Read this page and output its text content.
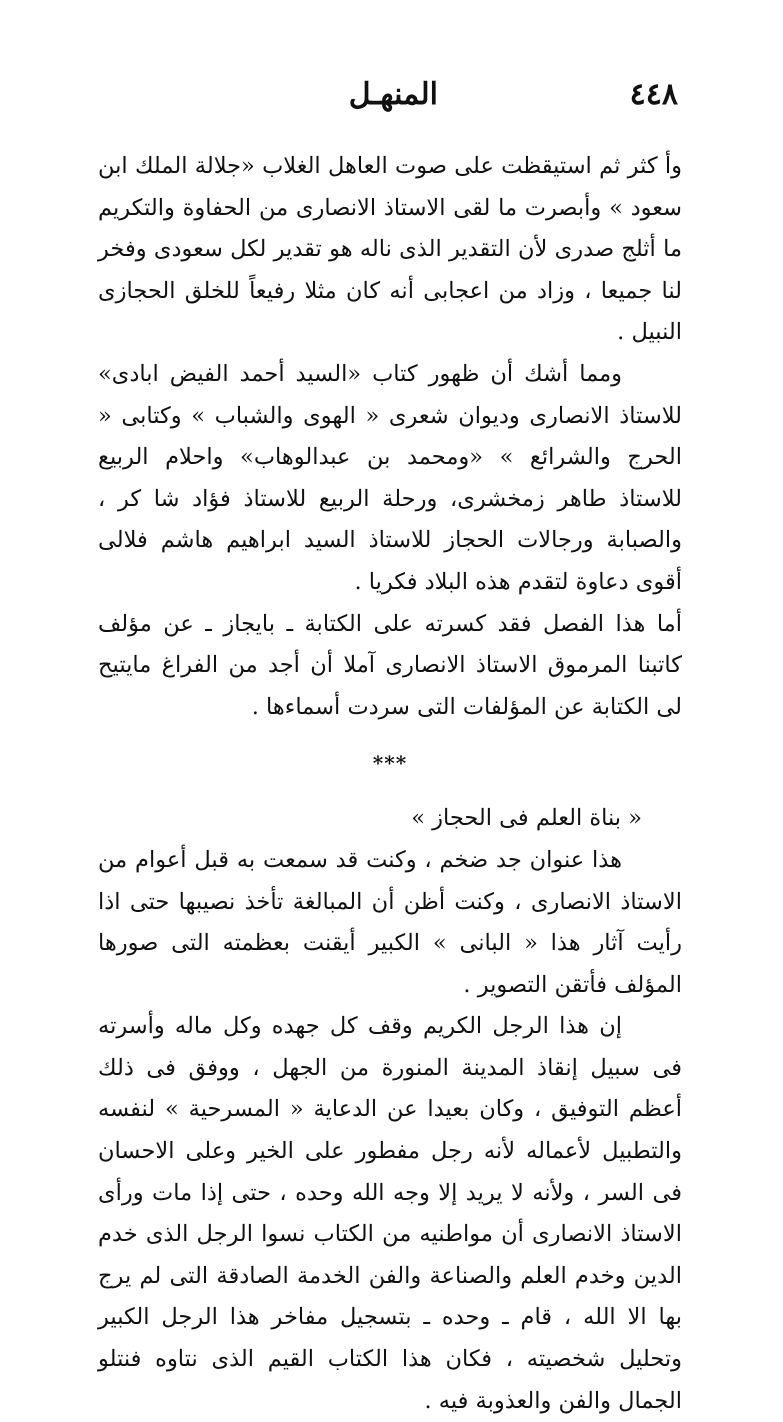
٤٤٨
المنهـل

وأ كثر ثم استيقظت على صوت العاهل الغلاب «جلالة الملك ابن سعود » وأبصرت ما لقى الاستاذ الانصارى من الحفاوة والتكريم ما أثلج صدرى لأن التقدير الذى ناله هو تقدير لكل سعودى وفخر لنا جميعا ، وزاد من اعجابى أنه كان مثلا رفيعاً للخلق الحجازى النبيل .

ومما أشك أن ظهور كتاب «السيد أحمد الفيض ابادى» للاستاذ الانصارى وديوان شعرى « الهوى والشباب » وكتابى « الحرج والشرائع » «ومحمد بن عبدالوهاب» واحلام الربيع للاستاذ طاهر زمخشرى، ورحلة الربيع للاستاذ فؤاد شا كر ، والصبابة ورجالات الحجاز للاستاذ السيد ابراهيم هاشم فلالى أقوى دعاوة لتقدم هذه البلاد فكريا .

أما هذا الفصل فقد كسرته على الكتابة ـ بايجاز ـ عن مؤلف كاتبنا المرموق الاستاذ الانصارى آملا أن أجد من الفراغ مايتيح لى الكتابة عن المؤلفات التى سردت أسماءها .

***

« بناة العلم فى الحجاز »

هذا عنوان جد ضخم ، وكنت قد سمعت به قبل أعوام من الاستاذ الانصارى ، وكنت أظن أن المبالغة تأخذ نصيبها حتى اذا رأيت آثار هذا « البانى » الكبير أيقنت بعظمته التى صورها المؤلف فأتقن التصوير .

إن هذا الرجل الكريم وقف كل جهده وكل ماله وأسرته فى سبيل إنقاذ المدينة المنورة من الجهل ، ووفق فى ذلك أعظم التوفيق ، وكان بعيدا عن الدعاية « المسرحية » لنفسه والتطبيل لأعماله لأنه رجل مفطور على الخير وعلى الاحسان فى السر ، ولأنه لا يريد إلا وجه الله وحده ، حتى إذا مات ورأى الاستاذ الانصارى أن مواطنيه من الكتاب نسوا الرجل الذى خدم الدين وخدم العلم والصناعة والفن الخدمة الصادقة التى لم يرج بها الا الله ، قام ـ وحده ـ بتسجيل مفاخر هذا الرجل الكبير وتحليل شخصيته ، فكان هذا الكتاب القيم الذى نتاوه فنتلو الجمال والفن والعذوبة فيه .
